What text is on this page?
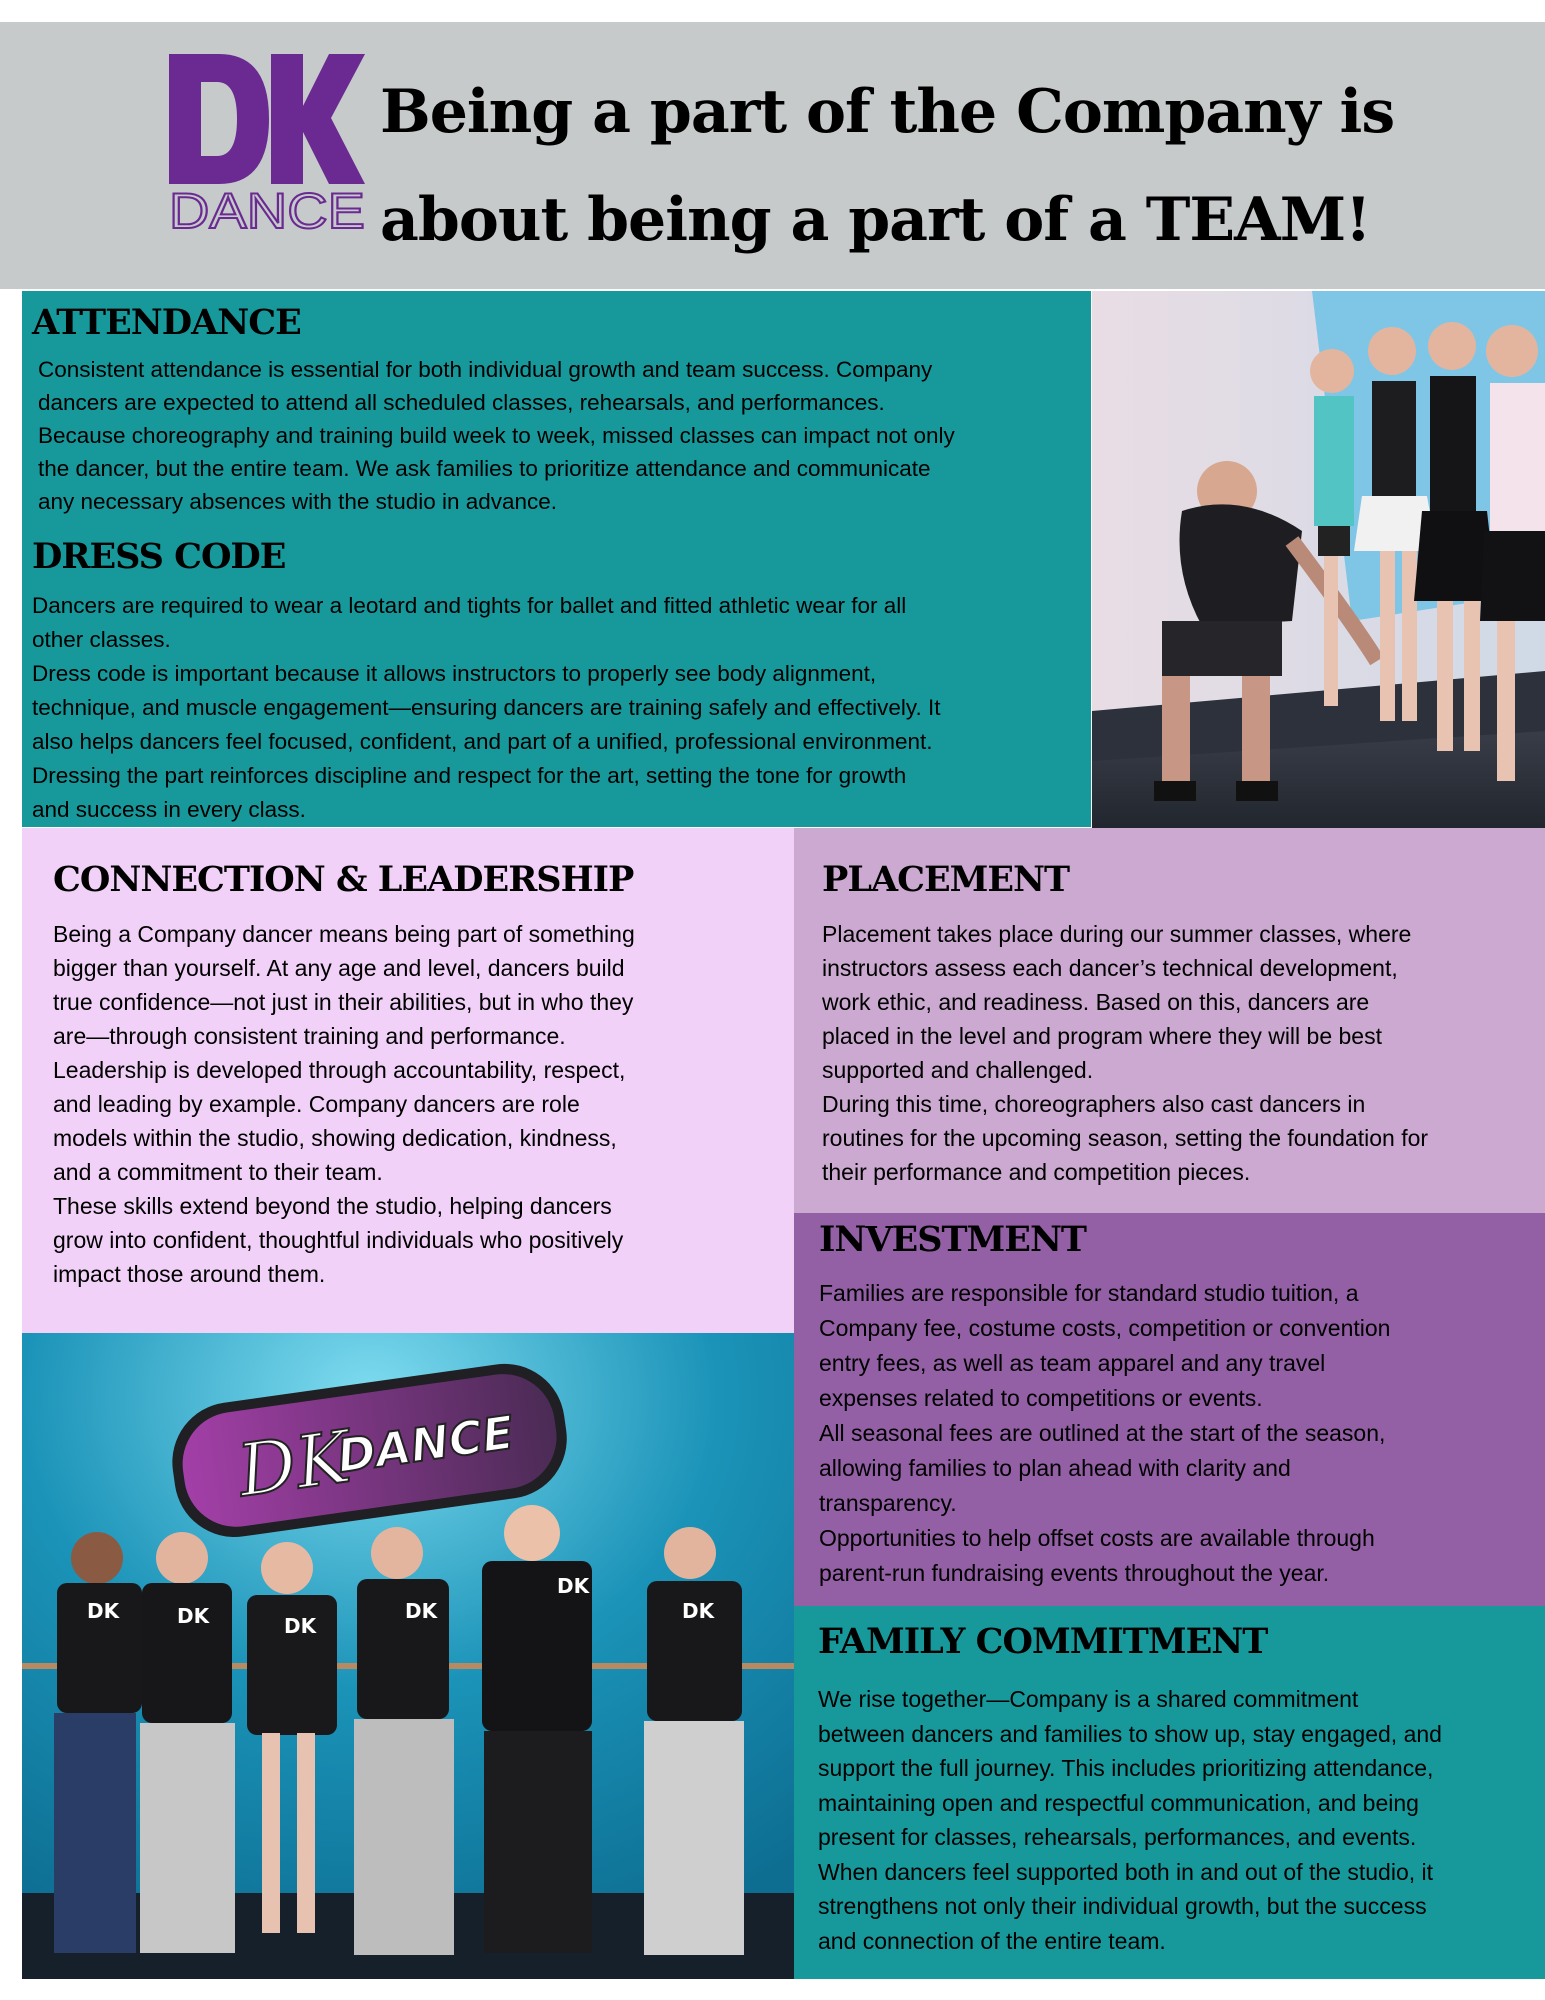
DANCE
Being a part of the Company is
about being a part of a TEAM!
ATTENDANCE
Consistent attendance is essential for both individual growth and team success. Company
dancers are expected to attend all scheduled classes, rehearsals, and performances.
Because choreography and training build week to week, missed classes can impact not only
the dancer, but the entire team. We ask families to prioritize attendance and communicate
any necessary absences with the studio in advance.
DRESS CODE
Dancers are required to wear a leotard and tights for ballet and fitted athletic wear for all
other classes.
Dress code is important because it allows instructors to properly see body alignment,
technique, and muscle engagement—ensuring dancers are training safely and effectively. It
also helps dancers feel focused, confident, and part of a unified, professional environment.
Dressing the part reinforces discipline and respect for the art, setting the tone for growth
and success in every class.
CONNECTION & LEADERSHIP
Being a Company dancer means being part of something
bigger than yourself. At any age and level, dancers build
true confidence—not just in their abilities, but in who they
are—through consistent training and performance.
Leadership is developed through accountability, respect,
and leading by example. Company dancers are role
models within the studio, showing dedication, kindness,
and a commitment to their team.
These skills extend beyond the studio, helping dancers
grow into confident, thoughtful individuals who positively
impact those around them.
PLACEMENT
Placement takes place during our summer classes, where
instructors assess each dancer’s technical development,
work ethic, and readiness. Based on this, dancers are
placed in the level and program where they will be best
supported and challenged.
During this time, choreographers also cast dancers in
routines for the upcoming season, setting the foundation for
their performance and competition pieces.
INVESTMENT
Families are responsible for standard studio tuition, a
Company fee, costume costs, competition or convention
entry fees, as well as team apparel and any travel
expenses related to competitions or events.
All seasonal fees are outlined at the start of the season,
allowing families to plan ahead with clarity and
transparency.
Opportunities to help offset costs are available through
parent-run fundraising events throughout the year.
DK
DANCE
DK	DK	DK
DK
DK
DK
FAMILY COMMITMENT
We rise together—Company is a shared commitment
between dancers and families to show up, stay engaged, and
support the full journey. This includes prioritizing attendance,
maintaining open and respectful communication, and being
present for classes, rehearsals, performances, and events.
When dancers feel supported both in and out of the studio, it
strengthens not only their individual growth, but the success
and connection of the entire team.
